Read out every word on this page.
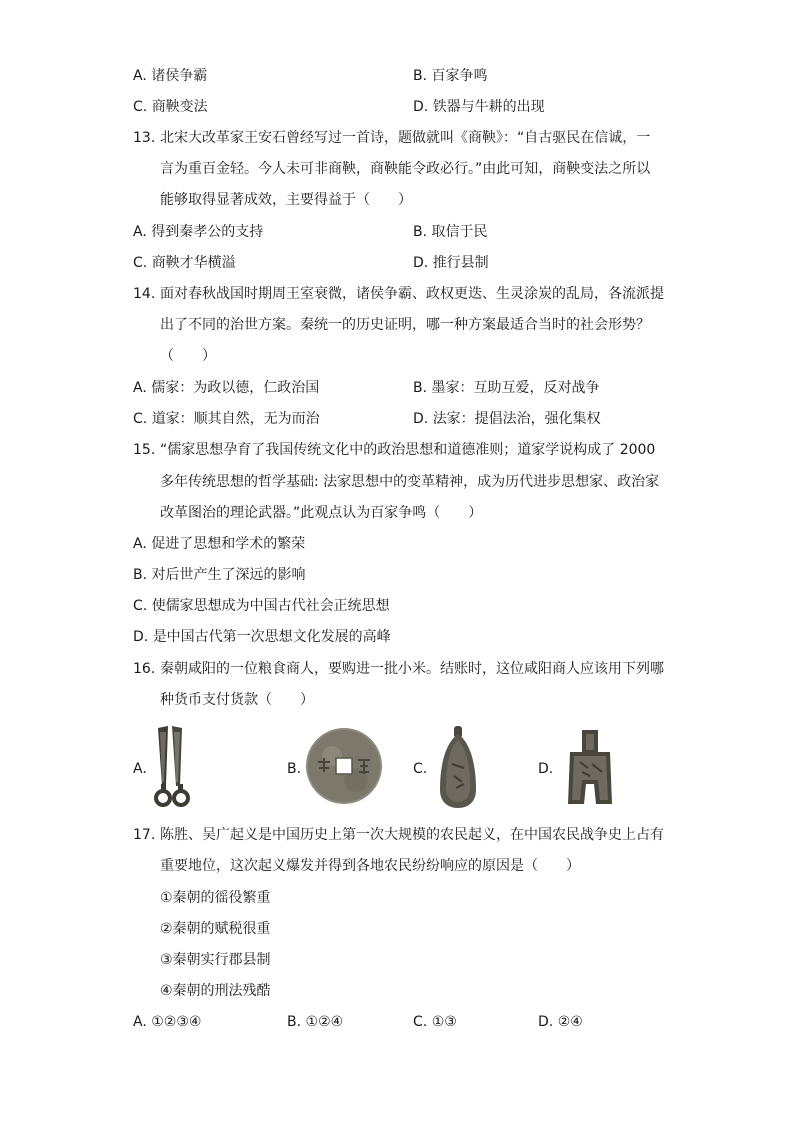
A. 诸侯争霸	B. 百家争鸣
C. 商鞅变法	D. 铁器与牛耕的出现
13. 北宋大改革家王安石曾经写过一首诗，题做就叫《商鞅》：“自古驱民在信诚，一
言为重百金轻。今人未可非商鞅，商鞅能令政必行。”由此可知，商鞅变法之所以
能够取得显著成效，主要得益于（　　）
A. 得到秦孝公的支持	B. 取信于民
C. 商鞅才华横溢	D. 推行县制
14. 面对春秋战国时期周王室衰微，诸侯争霸、政权更迭、生灵涂炭的乱局，各流派提
出了不同的治世方案。秦统一的历史证明，哪一种方案最适合当时的社会形势？
（　　）
A. 儒家：为政以德，仁政治国	B. 墨家：互助互爱，反对战争
C. 道家：顺其自然，无为而治	D. 法家：提倡法治，强化集权
15. “儒家思想孕育了我国传统文化中的政治思想和道德准则；道家学说构成了 2000
多年传统思想的哲学基础: 法家思想中的变革精神，成为历代进步思想家、政治家
改革图治的理论武器。”此观点认为百家争鸣（　　）
A. 促进了思想和学术的繁荣
B. 对后世产生了深远的影响
C. 使儒家思想成为中国古代社会正统思想
D. 是中国古代第一次思想文化发展的高峰
16. 秦朝咸阳的一位粮食商人，要购进一批小米。结账时，这位咸阳商人应该用下列哪
种货币支付货款（　　）
A.	B.	C.	D.
17. 陈胜、吴广起义是中国历史上第一次大规模的农民起义，在中国农民战争史上占有
重要地位，这次起义爆发并得到各地农民纷纷响应的原因是（　　）
①秦朝的徭役繁重
②秦朝的赋税很重
③秦朝实行郡县制
④秦朝的刑法残酷
A. ①②③④	B. ①②④	C. ①③	D. ②④
